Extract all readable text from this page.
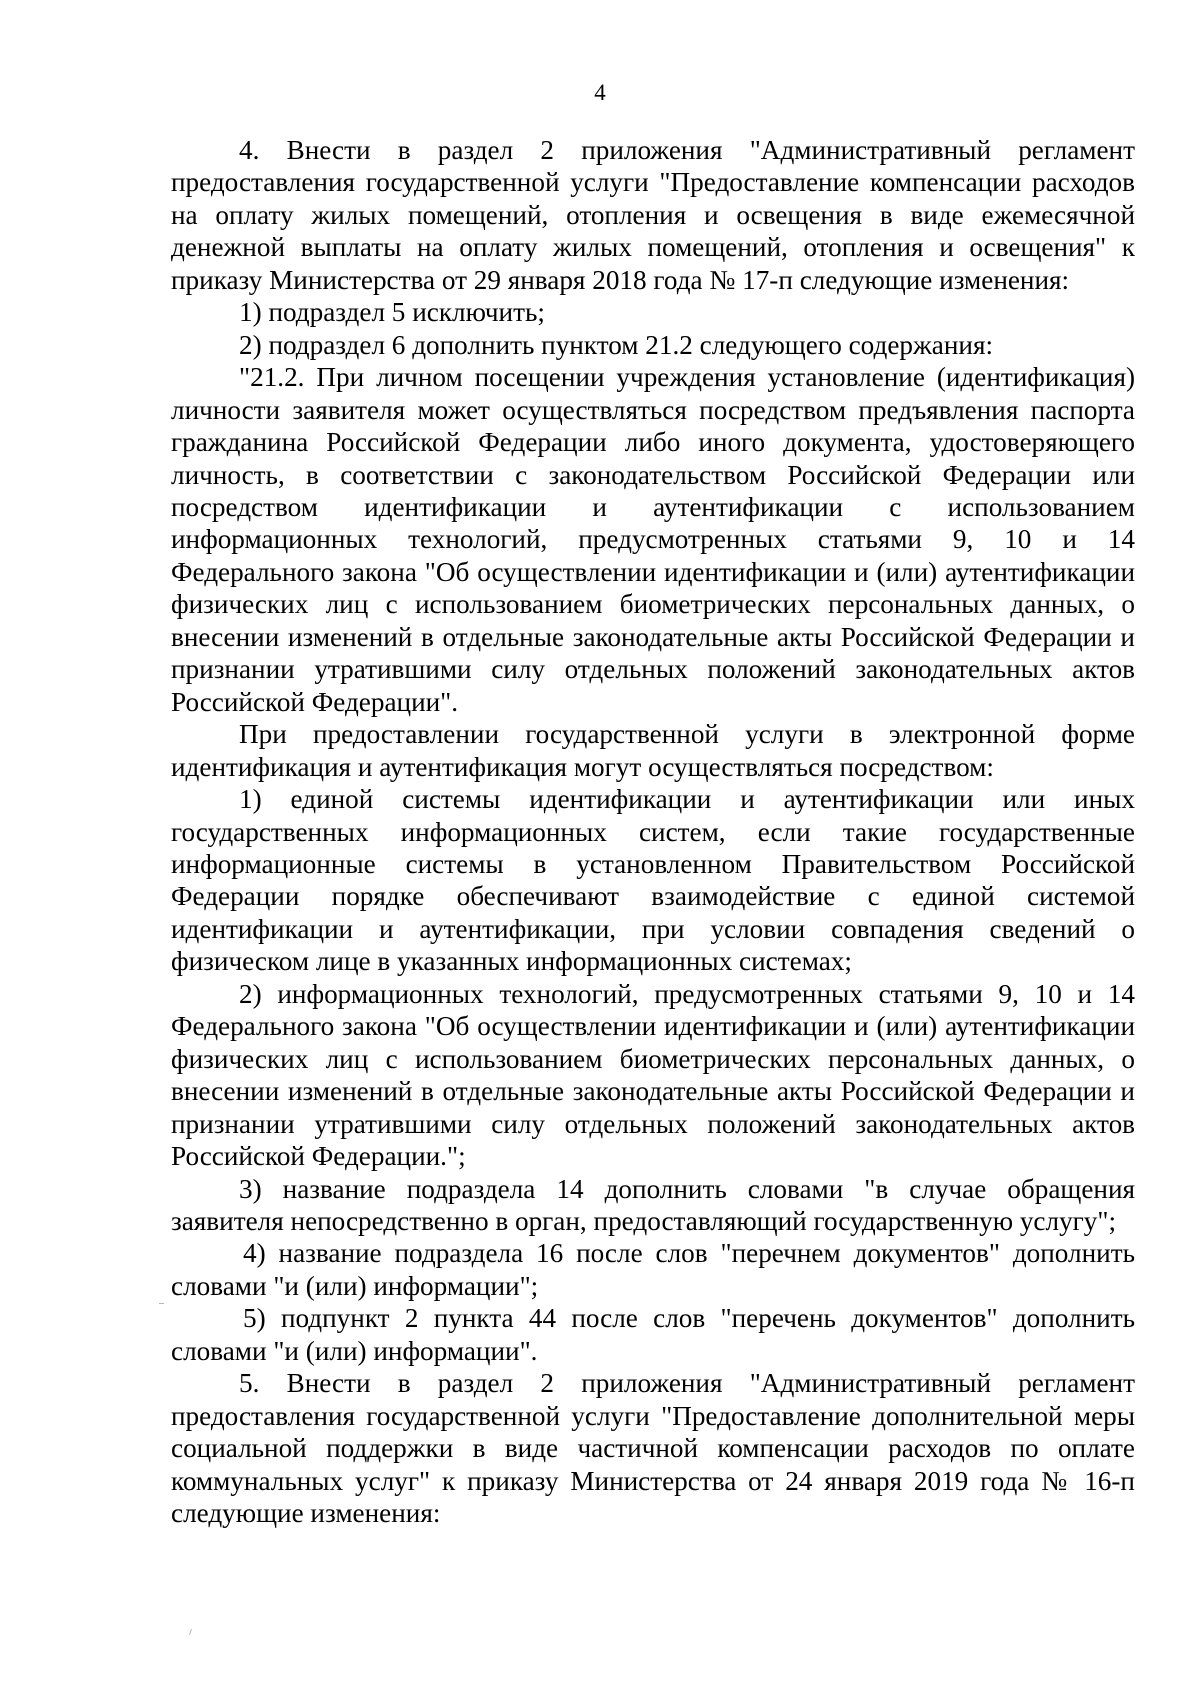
4

4. Внести в раздел 2 приложения "Административный регламент предоставления государственной услуги "Предоставление компенсации расходов на оплату жилых помещений, отопления и освещения в виде ежемесячной денежной выплаты на оплату жилых помещений, отопления и освещения" к приказу Министерства от 29 января 2018 года № 17-п следующие изменения:

1) подраздел 5 исключить;

2) подраздел 6 дополнить пунктом 21.2 следующего содержания:

"21.2. При личном посещении учреждения установление (идентификация) личности заявителя может осуществляться посредством предъявления паспорта гражданина Российской Федерации либо иного документа, удостоверяющего личность, в соответствии с законодательством Российской Федерации или посредством идентификации и аутентификации с использованием информационных технологий, предусмотренных статьями 9, 10 и 14 Федерального закона "Об осуществлении идентификации и (или) аутентификации физических лиц с использованием биометрических персональных данных, о внесении изменений в отдельные законодательные акты Российской Федерации и признании утратившими силу отдельных положений законодательных актов Российской Федерации".

При предоставлении государственной услуги в электронной форме идентификация и аутентификация могут осуществляться посредством:

1) единой системы идентификации и аутентификации или иных государственных информационных систем, если такие государственные информационные системы в установленном Правительством Российской Федерации порядке обеспечивают взаимодействие с единой системой идентификации и аутентификации, при условии совпадения сведений о физическом лице в указанных информационных системах;

2) информационных технологий, предусмотренных статьями 9, 10 и 14 Федерального закона "Об осуществлении идентификации и (или) аутентификации физических лиц с использованием биометрических персональных данных, о внесении изменений в отдельные законодательные акты Российской Федерации и признании утратившими силу отдельных положений законодательных актов Российской Федерации.";

3) название подраздела 14 дополнить словами "в случае обращения заявителя непосредственно в орган, предоставляющий государственную услугу";

4) название подраздела 16 после слов "перечнем документов" дополнить словами "и (или) информации";

5) подпункт 2 пункта 44 после слов "перечень документов" дополнить словами "и (или) информации".

5. Внести в раздел 2 приложения "Административный регламент предоставления государственной услуги "Предоставление дополнительной меры социальной поддержки в виде частичной компенсации расходов по оплате коммунальных услуг" к приказу Министерства от 24 января 2019 года № 16-п следующие изменения:
